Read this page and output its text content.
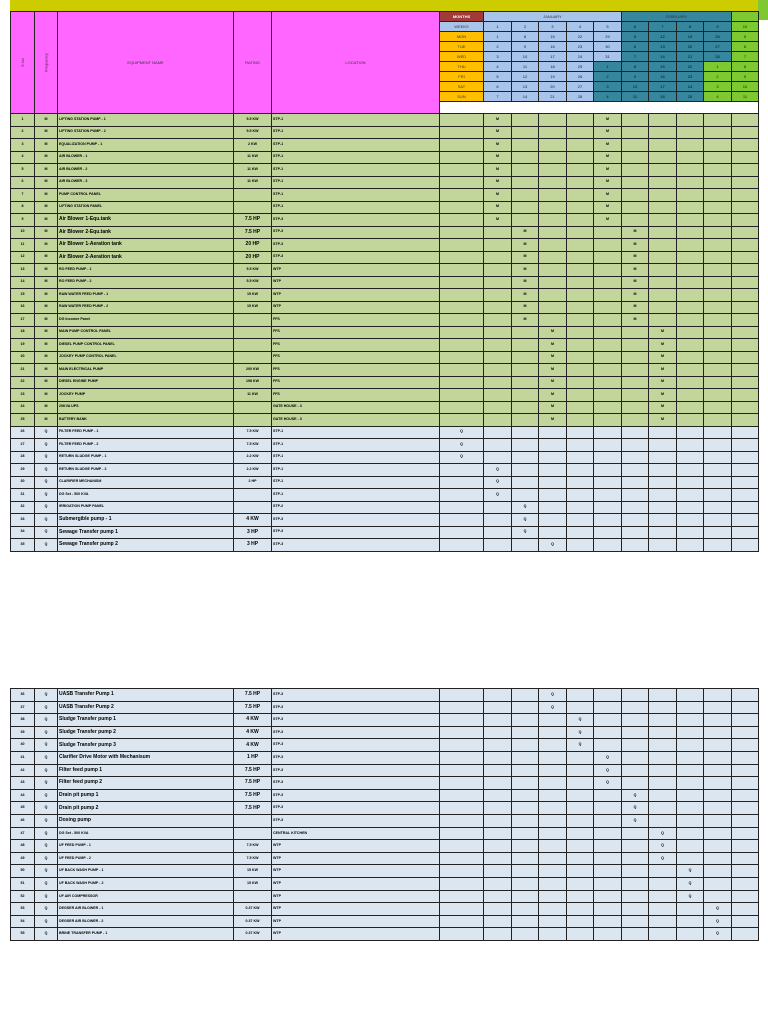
S.No	Frequency	EQUIPMENT NAME	RATING	LOCATION	MONTHS	JANUARY					FEBRUARY				
					WEEKS	1	2	3	4	5	6	7	8	9	10
					MON	1	8	15	22	29	5	12	19	26	5
					TUE	2	9	16	23	30	6	13	20	27	6
					WED	3	10	17	24	31	7	14	21	28	7
					THU	4	11	18	25	1	8	15	22	1	8
					FRI	5	12	19	26	2	9	16	23	2	9
					SAT	6	13	20	27	3	10	17	24	3	10
					SUN	7	14	21	28	4	11	18	25	4	11

1	M	LIFTING STATION PUMP - 1	5.5 KW	STP-1		M				M					
2	M	LIFTING STATION PUMP - 2	5.5 KW	STP-1		M				M					
3	M	EQUALIZATION PUMP - 1	2 KW	STP-1		M				M					
4	M	AIR BLOWER - 1	11 KW	STP-1		M				M					
5	M	AIR BLOWER - 2	11 KW	STP-1		M				M					
6	M	AIR BLOWER - 3	11 KW	STP-1		M				M					
7	M	PUMP CONTROL PANEL		STP-1		M				M					
8	M	LIFTING STATION PANEL		STP-1		M				M					
9	M	Air Blower 1-Equ.tank	7.5 HP	STP-3		M				M					
10	M	Air Blower 2-Equ.tank	7.5 HP	STP-3			M				M				
11	M	Air Blower 1-Aeration tank	20 HP	STP-3			M				M				
12	M	Air Blower 2-Aeration tank	20 HP	STP-3			M				M				
13	M	RO FEED PUMP - 1	5.5 KW	WTP			M				M				
14	M	RO FEED PUMP - 2	5.5 KW	WTP			M				M				
15	M	RAW WATER FEED PUMP - 1	15 KW	WTP			M				M				
16	M	RAW WATER FEED PUMP - 2	15 KW	WTP			M				M				
17	M	DG Incomer Panel		FFS			M				M				
18	M	MAIN PUMP CONTROL PANEL		FFS				M				M			
19	M	DIESEL PUMP CONTROL PANEL		FFS				M				M			
20	M	JOCKEY PUMP CONTROL PANEL		FFS				M				M			
21	M	MAIN ELECTRICAL PUMP	200 KW	FFS				M				M			
22	M	DIESEL ENGINE PUMP	198 KW	FFS				M				M			
23	M	JOCKEY PUMP	11 KW	FFS				M				M			
24	M	20KVA UPS		GATE HOUSE - 3				M				M			
25	M	BATTERY BANK		GATE HOUSE - 3				M				M			
26	Q	FILTER FEED PUMP - 1	7.5 KW	STP-1	Q										
27	Q	FILTER FEED PUMP - 2	7.5 KW	STP-1	Q										
28	Q	RETURN SLUDGE PUMP - 1	2.2 KW	STP-1	Q										
29	Q	RETURN SLUDGE PUMP - 2	2.2 KW	STP-1		Q									
30	Q	CLARIFIER MECHANISM	2 HP	STP-1		Q									
31	Q	DG Set - 500 KVA		STP-1		Q									
32	Q	IRRIGATION PUMP PANEL		STP-2			Q								
33	Q	Submergible pump - 1	4 KW	STP-3			Q								
34	Q	Sewage Transfer pump 1	3 HP	STP-3			Q								
35	Q	Sewage Transfer pump 2	3 HP	STP-3				Q							
36	Q	UASB Transfer Pump 1	7.5 HP	STP-3				Q							
37	Q	UASB Transfer Pump 2	7.5 HP	STP-3				Q							
38	Q	Sludge Transfer pump 1	4 KW	STP-3					Q						
39	Q	Sludge Transfer pump 2	4 KW	STP-3					Q						
40	Q	Sludge Transfer pump 3	4 KW	STP-3					Q						
41	Q	Clarifier Drive Motor with Mechanisum	1 HP	STP-3						Q					
42	Q	Filter feed pump 1	7.5 HP	STP-3						Q					
43	Q	Filter feed pump 2	7.5 HP	STP-3						Q					
44	Q	Drain pit pump 1	7.5 HP	STP-3							Q				
45	Q	Drain pit pump 2	7.5 HP	STP-3							Q				
46	Q	Dosing pump		STP-3							Q				
47	Q	DG Set - 500 KVA		CENTRAL KITCHEN								Q			
48	Q	UF FEED PUMP - 1	7.5 KW	WTP								Q			
49	Q	UF FEED PUMP - 2	7.5 KW	WTP								Q			
50	Q	UF BACK WASH PUMP - 1	15 KW	WTP									Q		
51	Q	UF BACK WASH PUMP - 2	15 KW	WTP									Q		
52	Q	UF AIR COMPRESSOR		WTP									Q		
53	Q	DEGSER AIR BLOWER - 1	0.37 KW	WTP										Q	
54	Q	DEGSER AIR BLOWER - 2	0.37 KW	WTP										Q	
55	Q	BRINE TRANSFER PUMP - 1	0.37 KW	WTP										Q	
